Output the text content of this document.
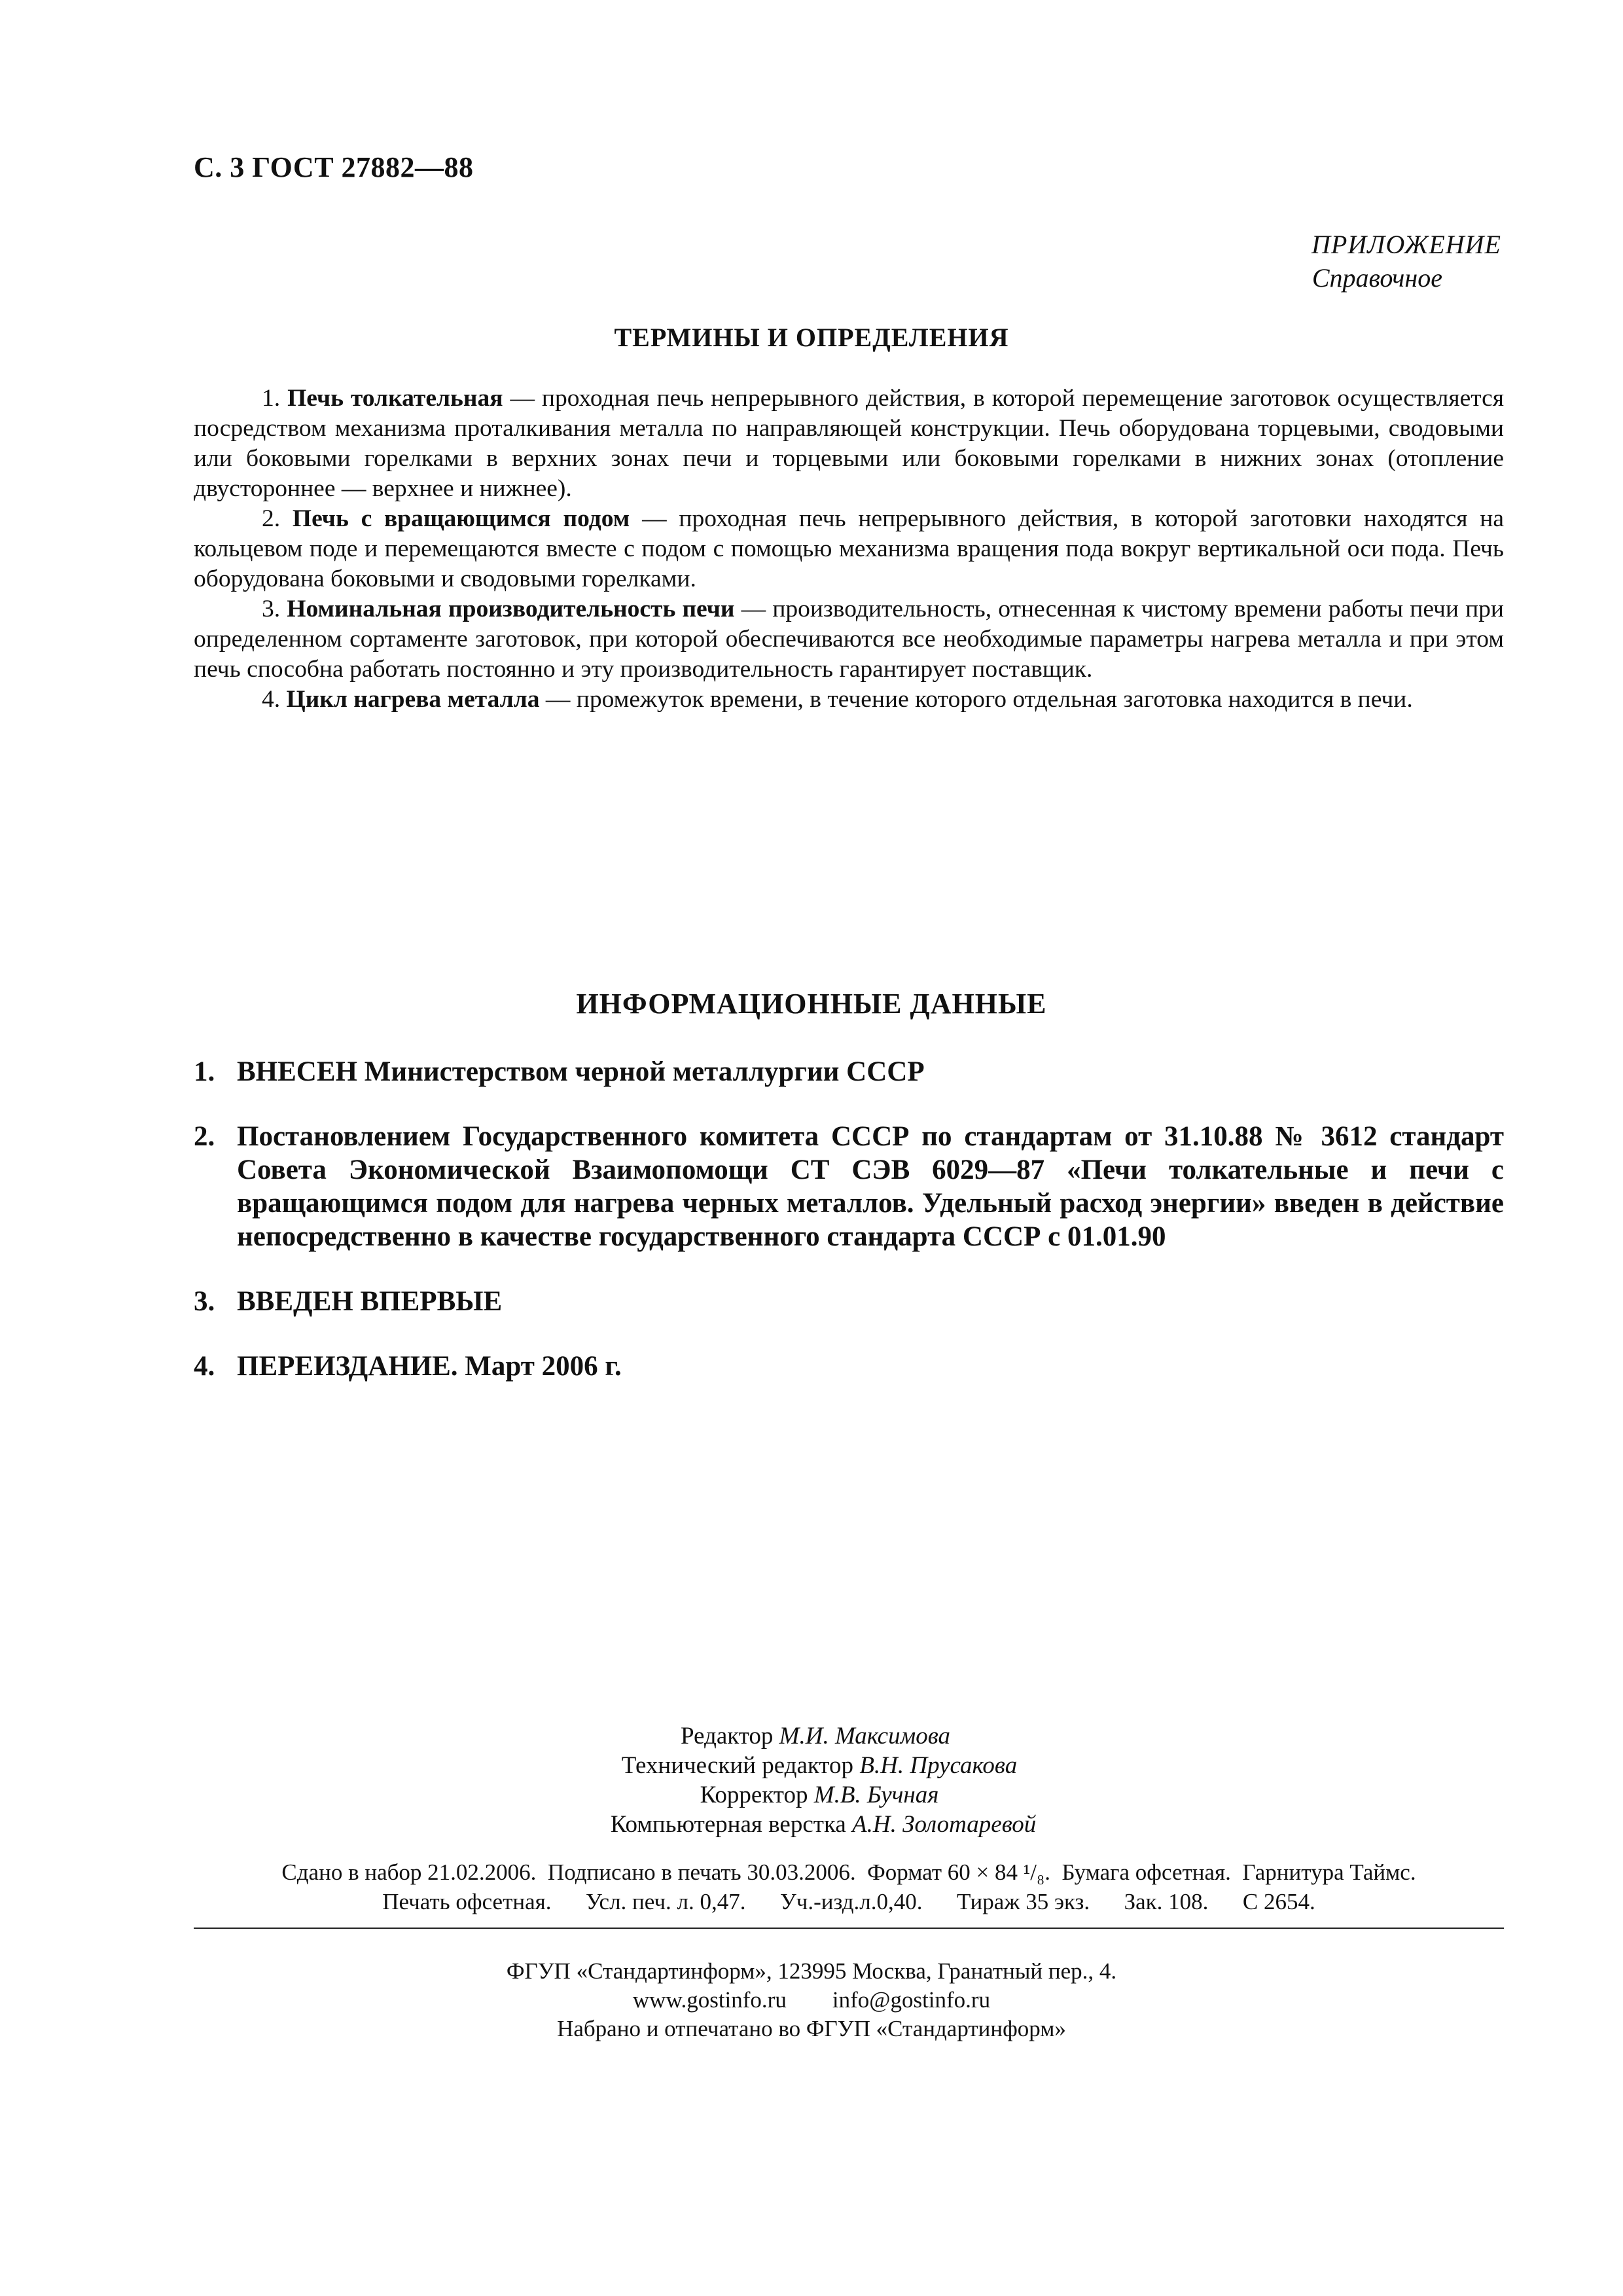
С. 3 ГОСТ 27882—88
ПРИЛОЖЕНИЕ
Справочное
ТЕРМИНЫ И ОПРЕДЕЛЕНИЯ

1. Печь толкательная — проходная печь непрерывного действия, в которой перемещение заготовок осуществляется посредством механизма проталкивания металла по направляющей конструкции. Печь оборудована торцевыми, сводовыми или боковыми горелками в верхних зонах печи и торцевыми или боковыми горелками в нижних зонах (отопление двустороннее — верхнее и нижнее).

2. Печь с вращающимся подом — проходная печь непрерывного действия, в которой заготовки находятся на кольцевом поде и перемещаются вместе с подом с помощью механизма вращения пода вокруг вертикальной оси пода. Печь оборудована боковыми и сводовыми горелками.

3. Номинальная производительность печи — производительность, отнесенная к чистому времени работы печи при определенном сортаменте заготовок, при которой обеспечиваются все необходимые параметры нагрева металла и при этом печь способна работать постоянно и эту производительность гарантирует поставщик.

4. Цикл нагрева металла — промежуток времени, в течение которого отдельная заготовка находится в печи.

ИНФОРМАЦИОННЫЕ ДАННЫЕ
1. ВНЕСЕН Министерством черной металлургии СССР
2. Постановлением Государственного комитета СССР по стандартам от 31.10.88 № 3612 стандарт Совета Экономической Взаимопомощи СТ СЭВ 6029—87 «Печи толкательные и печи с вращающимся подом для нагрева черных металлов. Удельный расход энергии» введен в действие непосредственно в качестве государственного стандарта СССР с 01.01.90
3. ВВЕДЕН ВПЕРВЫЕ
4. ПЕРЕИЗДАНИЕ. Март 2006 г.
Редактор М.И. Максимова
Технический редактор В.Н. Прусакова
Корректор М.В. Бучная
Компьютерная верстка А.Н. Золотаревой
Сдано в набор 21.02.2006.  Подписано в печать 30.03.2006.  Формат 60 × 84 ¹/₈.  Бумага офсетная.  Гарнитура Таймс.
Печать офсетная.      Усл. печ. л. 0,47.      Уч.-изд.л.0,40.      Тираж 35 экз.      Зак. 108.      С 2654.
ФГУП «Стандартинформ», 123995 Москва, Гранатный пер., 4.
www.gostinfo.ru        info@gostinfo.ru
Набрано и отпечатано во ФГУП «Стандартинформ»
